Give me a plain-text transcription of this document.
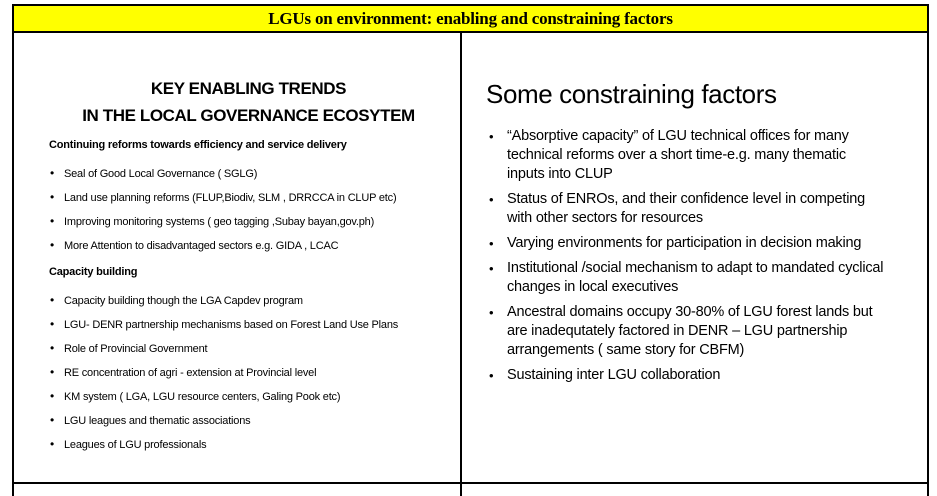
LGUs on environment: enabling and constraining factors
KEY ENABLING TRENDS
IN THE LOCAL GOVERNANCE ECOSYTEM
Continuing reforms towards efficiency and service delivery
• Seal of Good Local Governance ( SGLG)
• Land use planning reforms (FLUP,Biodiv, SLM , DRRCCA in CLUP etc)
• Improving monitoring systems ( geo tagging ,Subay bayan,gov.ph)
• More Attention to disadvantaged sectors e.g. GIDA , LCAC
Capacity building
• Capacity building though the LGA Capdev program
• LGU- DENR partnership mechanisms based on Forest Land Use Plans
• Role of Provincial Government
• RE concentration of agri - extension at Provincial level
• KM system ( LGA, LGU resource centers, Galing Pook etc)
• LGU leagues and thematic associations
• Leagues of LGU professionals
Some constraining factors
• “Absorptive capacity” of LGU technical offices for many technical reforms over a short time-e.g. many thematic inputs into CLUP
• Status of ENROs, and their confidence level in competing with other sectors for resources
• Varying environments for participation in decision making
• Institutional /social mechanism to adapt to mandated cyclical changes in local executives
• Ancestral domains occupy 30-80% of LGU forest lands but are inadequtately factored in DENR – LGU partnership arrangements ( same story for CBFM)
• Sustaining inter LGU collaboration
